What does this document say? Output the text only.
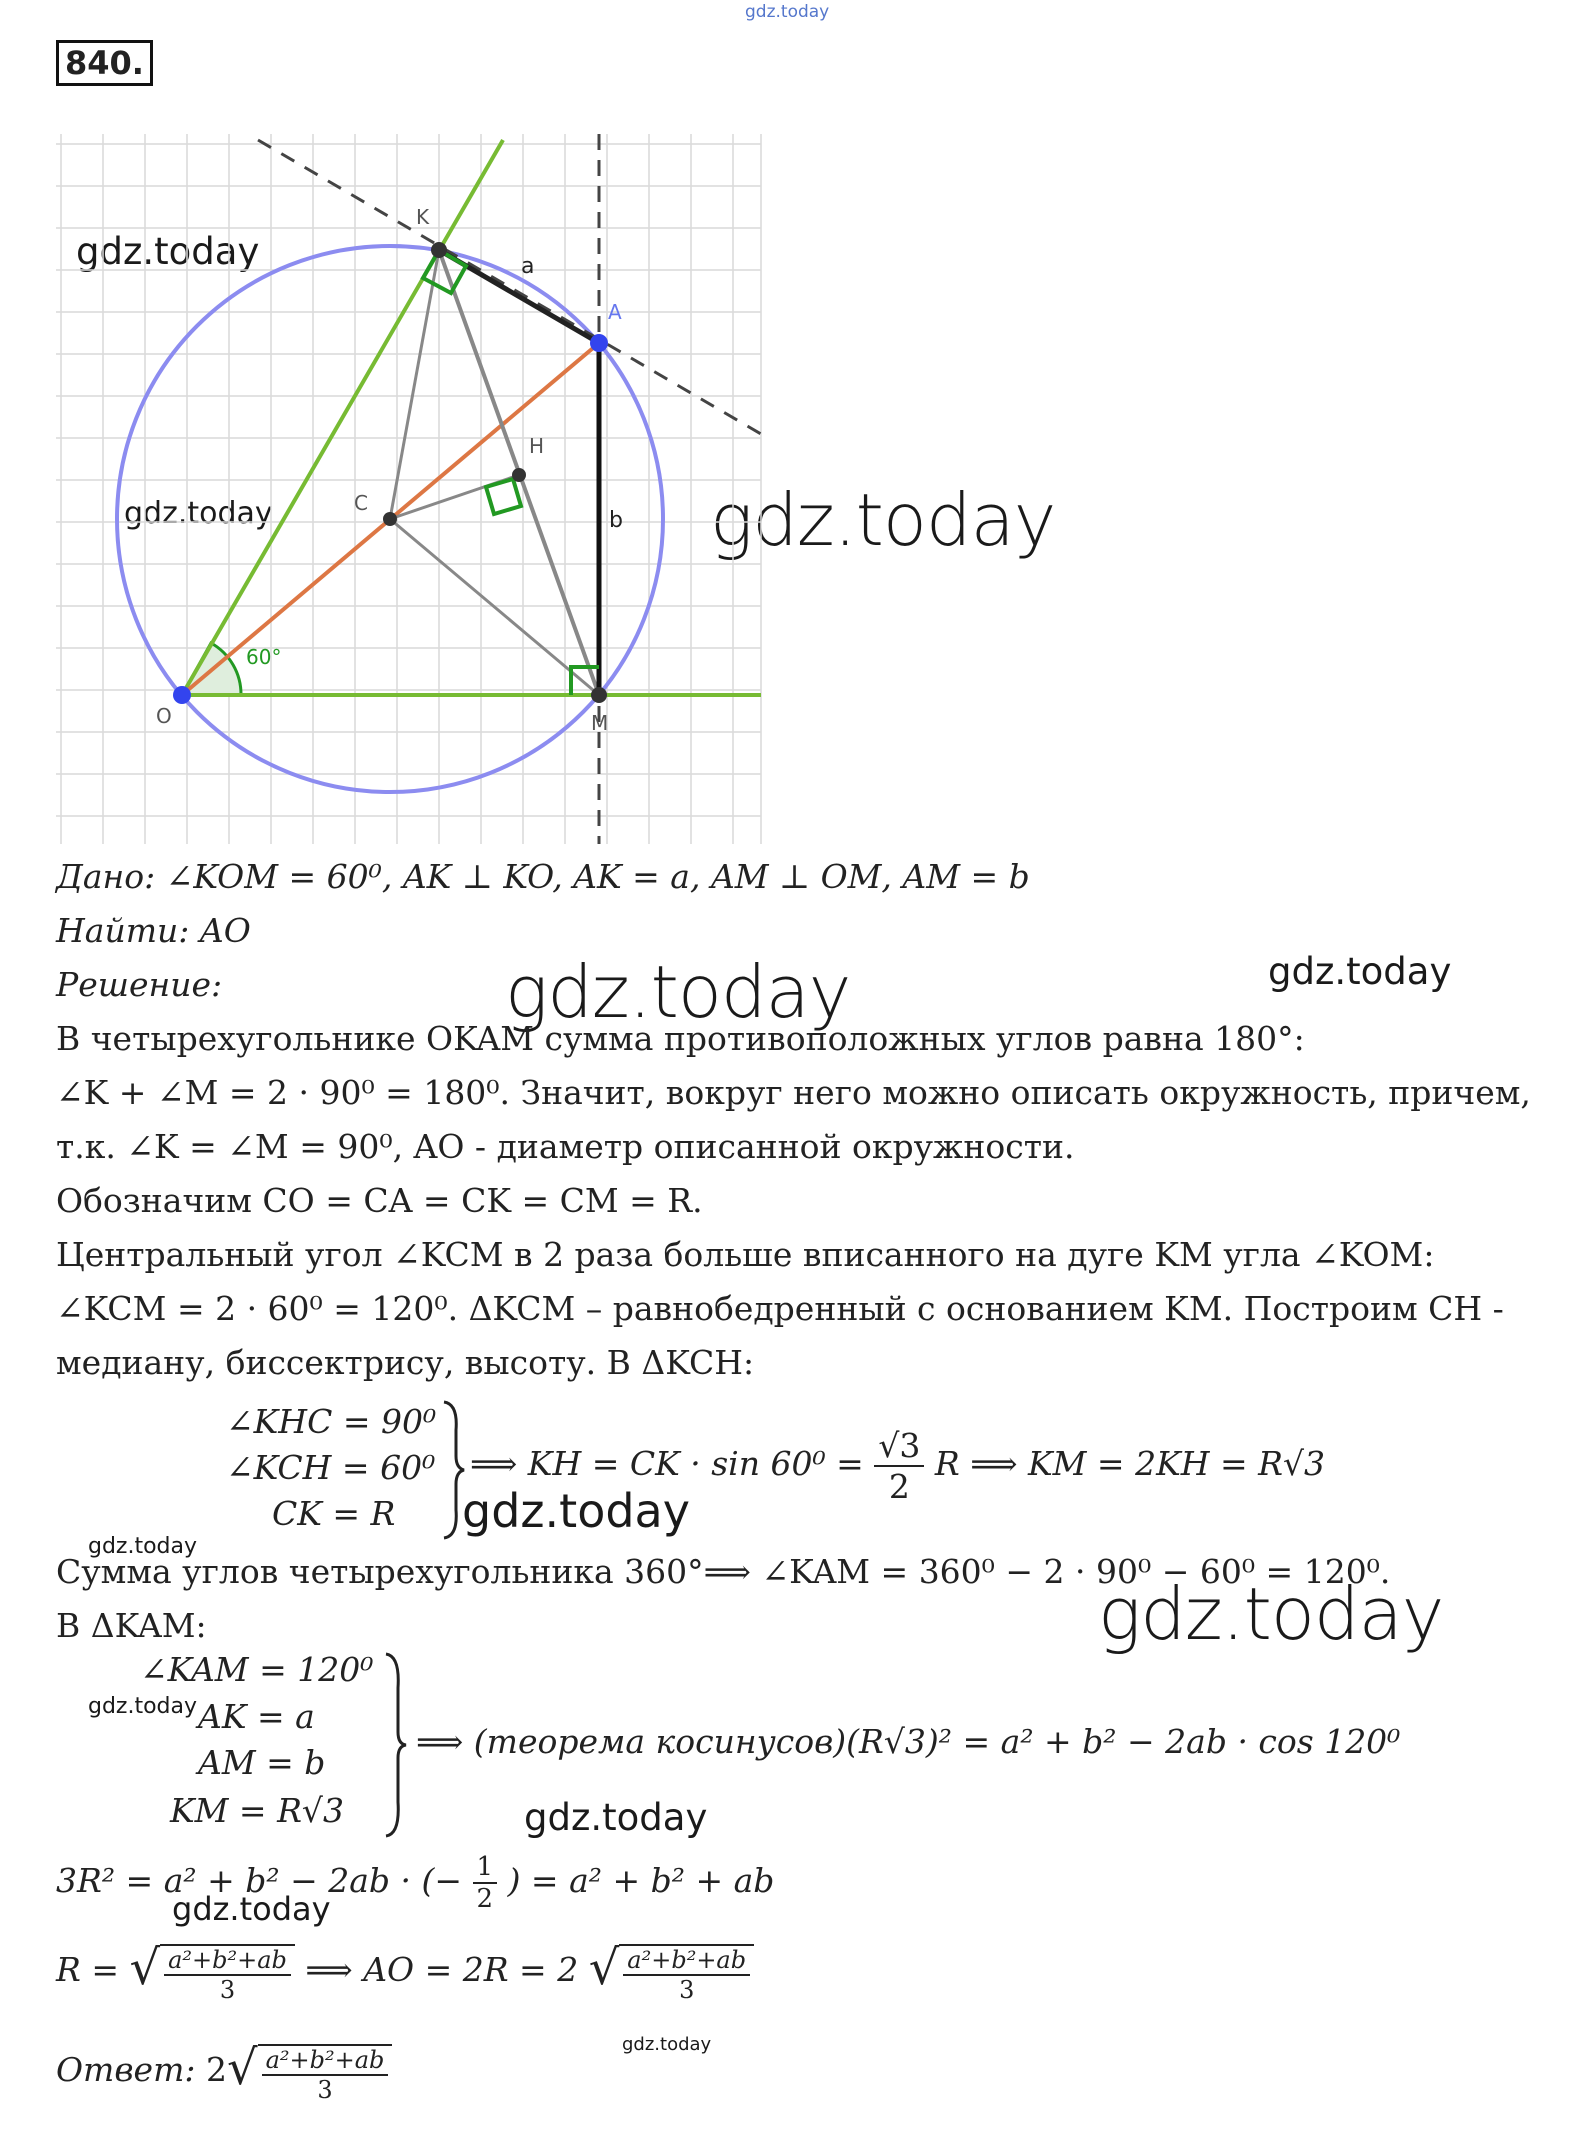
gdz.today
gdz.today
gdz.today	gdz.today
840.
K
A
H
C
O	M
a
b
60°
Дано: ∠KOM = 60⁰, AK ⊥ KO, AK = a, AM ⊥ OM, AM = b
Найти: AO
Решение:	gdz.today	gdz.today
В четырехугольнике OKAM сумма противоположных углов равна 180°:
∠K + ∠M = 2 · 90⁰ = 180⁰. Значит, вокруг него можно описать окружность, причем,
т.к. ∠K = ∠M = 90⁰, AO - диаметр описанной окружности.
Обозначим CO = CA = CK = CM = R.
Центральный угол ∠KCM в 2 раза больше вписанного на дуге KM угла ∠KOM:
∠KCM = 2 · 60⁰ = 120⁰. ΔKCM – равнобедренный с основанием KM. Построим CH -
медиану, биссектрису, высоту. В ΔKCH:
∠KHC = 90⁰
∠KCH = 60⁰
CK = R
⟹ KH = CK · $\sin 60^0 = \frac{√3}{2}$ R ⟹ KM = 2KH = R√3
gdz.today
gdz.today
Сумма углов четырехугольника 360°⟹ ∠KAM = 360⁰ − 2 · 90⁰ − 60⁰ = 120⁰.
В ΔKAM:	gdz.today
∠KAM = 120⁰
AK = a
AM = b
KM = R√3
gdz.today
⟹ (теорема косинусов)(R√3)² = a² + b² − 2ab · cos 120⁰
gdz.today
3R² = a² + b² − 2ab · (− $\frac{1}{2}$ ) = a² + b² + ab
gdz.today
R = √ $\frac{\text{a²+b²+ab}}{3}$ ⟹ AO = 2R = 2 √ $\frac{\text{a²+b²+ab}}{3}$
gdz.today
Ответ: $2√ \frac{\text{a²+b²+ab}}{3}$
